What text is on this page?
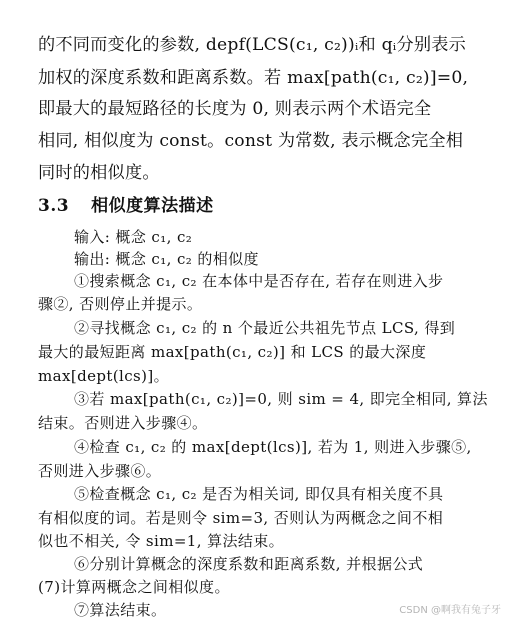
的不同而变化的参数, depf(LCS(c₁, c₂))ᵢ和 qᵢ分别表示
加权的深度系数和距离系数。若 max[path(c₁, c₂)]=0,
即最大的最短路径的长度为 0, 则表示两个术语完全
相同, 相似度为 const。const 为常数, 表示概念完全相
同时的相似度。
3.3 相似度算法描述
输入: 概念 c₁, c₂
输出: 概念 c₁, c₂ 的相似度
①搜索概念 c₁, c₂ 在本体中是否存在, 若存在则进入步
骤②, 否则停止并提示。
②寻找概念 c₁, c₂ 的 n 个最近公共祖先节点 LCS, 得到
最大的最短距离 max[path(c₁, c₂)] 和 LCS 的最大深度
max[dept(lcs)]。
③若 max[path(c₁, c₂)]=0, 则 sim = 4, 即完全相同, 算法
结束。否则进入步骤④。
④检查 c₁, c₂ 的 max[dept(lcs)], 若为 1, 则进入步骤⑤,
否则进入步骤⑥。
⑤检查概念 c₁, c₂ 是否为相关词, 即仅具有相关度不具
有相似度的词。若是则令 sim=3, 否则认为两概念之间不相
似也不相关, 令 sim=1, 算法结束。
⑥分别计算概念的深度系数和距离系数, 并根据公式
(7)计算两概念之间相似度。
⑦算法结束。	CSDN @啊我有兔子牙
